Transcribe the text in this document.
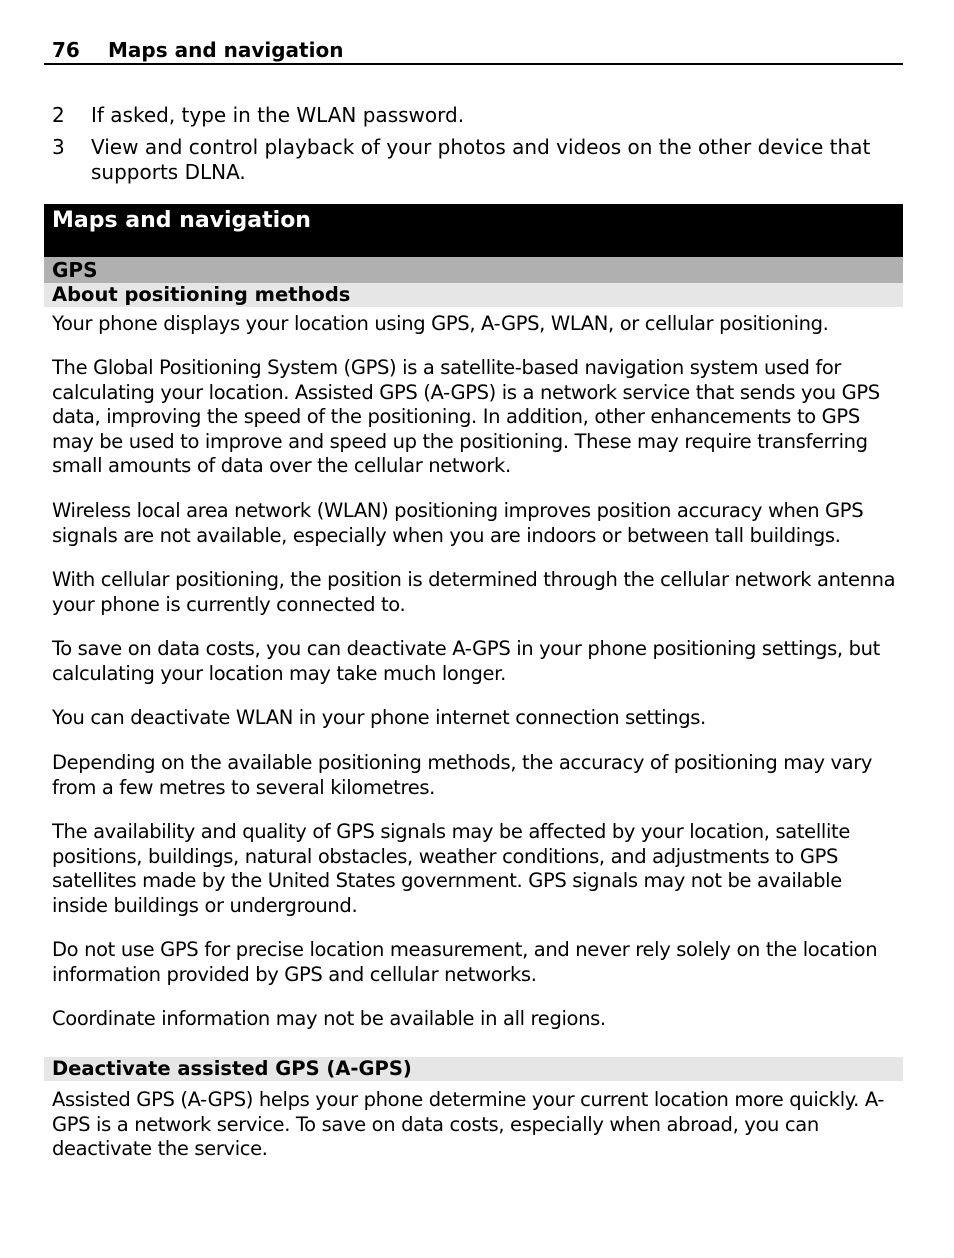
76 Maps and navigation
2 If asked, type in the WLAN password.
3 View and control playback of your photos and videos on the other device that supports DLNA.
Maps and navigation
GPS
About positioning methods

Your phone displays your location using GPS, A-GPS, WLAN, or cellular positioning.

The Global Positioning System (GPS) is a satellite-based navigation system used for calculating your location. Assisted GPS (A-GPS) is a network service that sends you GPS data, improving the speed of the positioning. In addition, other enhancements to GPS may be used to improve and speed up the positioning. These may require transferring small amounts of data over the cellular network.

Wireless local area network (WLAN) positioning improves position accuracy when GPS signals are not available, especially when you are indoors or between tall buildings.

With cellular positioning, the position is determined through the cellular network antenna your phone is currently connected to.

To save on data costs, you can deactivate A-GPS in your phone positioning settings, but calculating your location may take much longer.

You can deactivate WLAN in your phone internet connection settings.

Depending on the available positioning methods, the accuracy of positioning may vary from a few metres to several kilometres.

The availability and quality of GPS signals may be affected by your location, satellite positions, buildings, natural obstacles, weather conditions, and adjustments to GPS satellites made by the United States government. GPS signals may not be available inside buildings or underground.

Do not use GPS for precise location measurement, and never rely solely on the location information provided by GPS and cellular networks.

Coordinate information may not be available in all regions.

Deactivate assisted GPS (A-GPS)

Assisted GPS (A-GPS) helps your phone determine your current location more quickly. A-GPS is a network service. To save on data costs, especially when abroad, you can deactivate the service.
